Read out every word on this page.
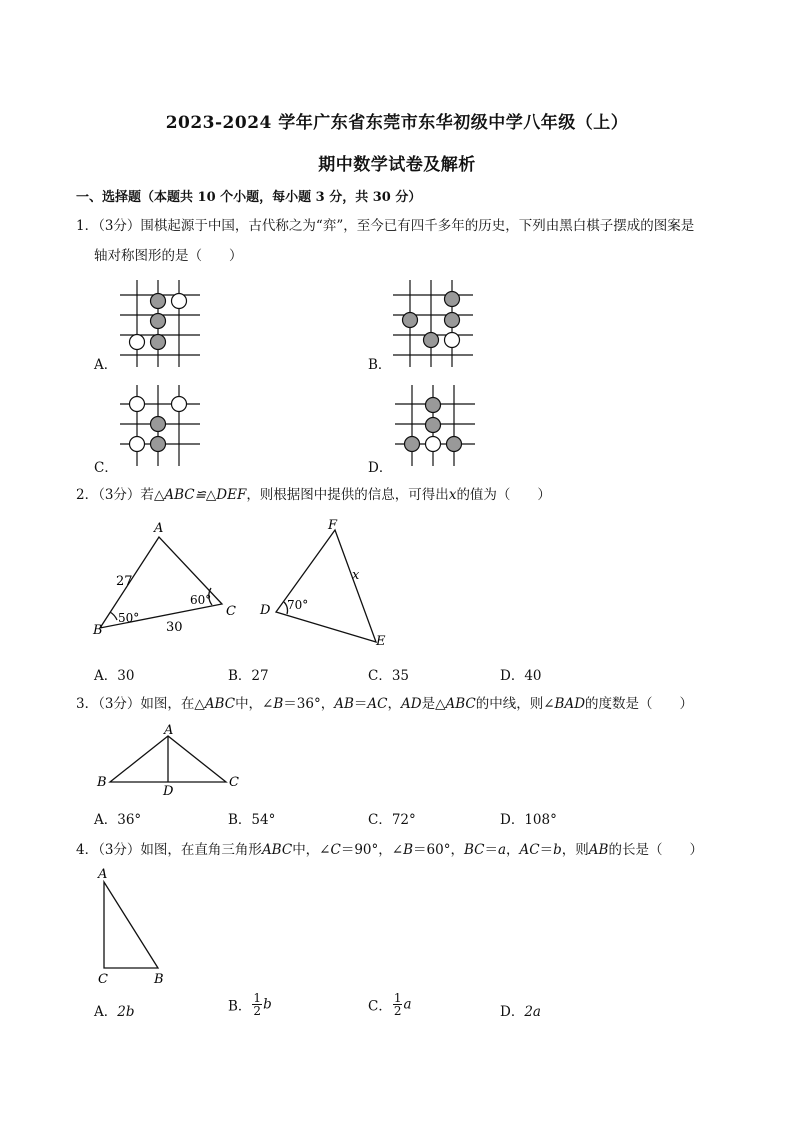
2023-2024 学年广东省东莞市东华初级中学八年级（上）
期中数学试卷及解析
一、选择题（本题共 10 个小题，每小题 3 分，共 30 分）
1．（3分）围棋起源于中国，古代称之为“弈”，至今已有四千多年的历史，下列由黑白棋子摆成的图案是
轴对称图形的是（　　）
A．	B．
C．	D．
2．（3分）若△ABC≌△DEF，则根据图中提供的信息，可得出x的值为（　　）
A
B
C
27
30
50°
60°
F
D
E
x
70°
A．30	B．27	C．35	D．40
3．（3分）如图，在△ABC中，∠B＝36°，AB＝AC，AD是△ABC的中线，则∠BAD的度数是（　　）
A
B	C
D
A．36°	B．54°	C．72°	D．108°
4．（3分）如图，在直角三角形ABC中，∠C＝90°，∠B＝60°，BC＝a，AC＝b，则AB的长是（　　）
A
C	B
A．2b	B． $\frac{1}{2}$ b	C． $\frac{1}{2}$ a	D．2a
